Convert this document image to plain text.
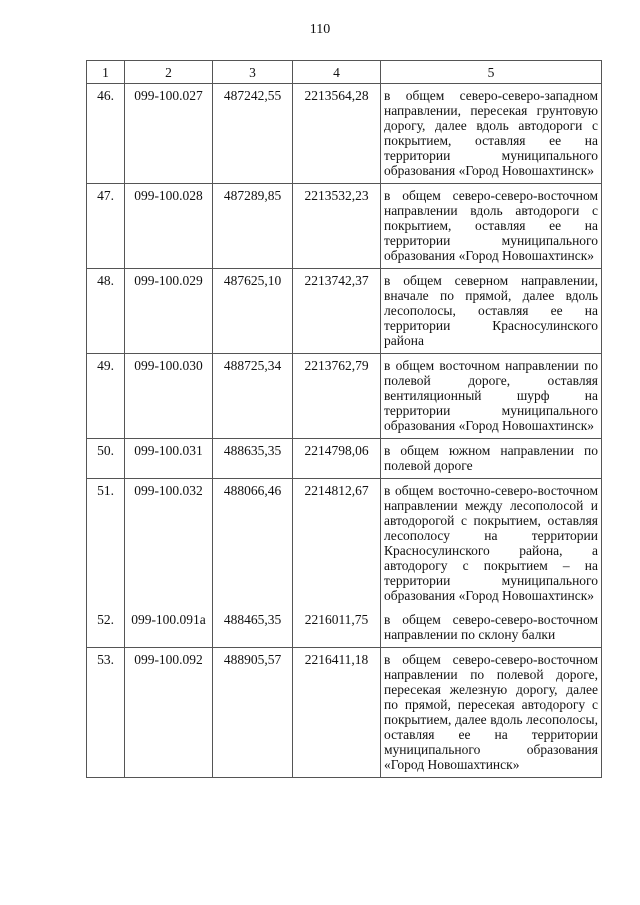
110
1	2	3	4	5
46.	099-100.027	487242,55	2213564,28	в общем северо-северо-западном направлении, пересекая грунтовую дорогу, далее вдоль автодороги с покрытием, оставляя ее на территории муниципального образования «Город Новошахтинск»
47.	099-100.028	487289,85	2213532,23	в общем северо-северо-восточном направлении вдоль автодороги с покрытием, оставляя ее на территории муниципального образования «Город Новошахтинск»
48.	099-100.029	487625,10	2213742,37	в общем северном направлении, вначале по прямой, далее вдоль лесополосы, оставляя ее на территории Красносулинского района
49.	099-100.030	488725,34	2213762,79	в общем восточном направлении по полевой дороге, оставляя вентиляционный шурф на территории муниципального образования «Город Новошахтинск»
50.	099-100.031	488635,35	2214798,06	в общем южном направлении по полевой дороге
51.	099-100.032	488066,46	2214812,67	в общем восточно-северо-восточном направлении между лесополосой и автодорогой с покрытием, оставляя лесополосу на территории Красносулинского района, а автодорогу с покрытием – на территории муниципального образования «Город Новошахтинск»
52.	099-100.091а	488465,35	2216011,75	в общем северо-северо-восточном направлении по склону балки
53.	099-100.092	488905,57	2216411,18	в общем северо-северо-восточном направлении по полевой дороге, пересекая железную дорогу, далее по прямой, пересекая автодорогу с покрытием, далее вдоль лесополосы, оставляя ее на территории муниципального образования «Город Новошахтинск»
